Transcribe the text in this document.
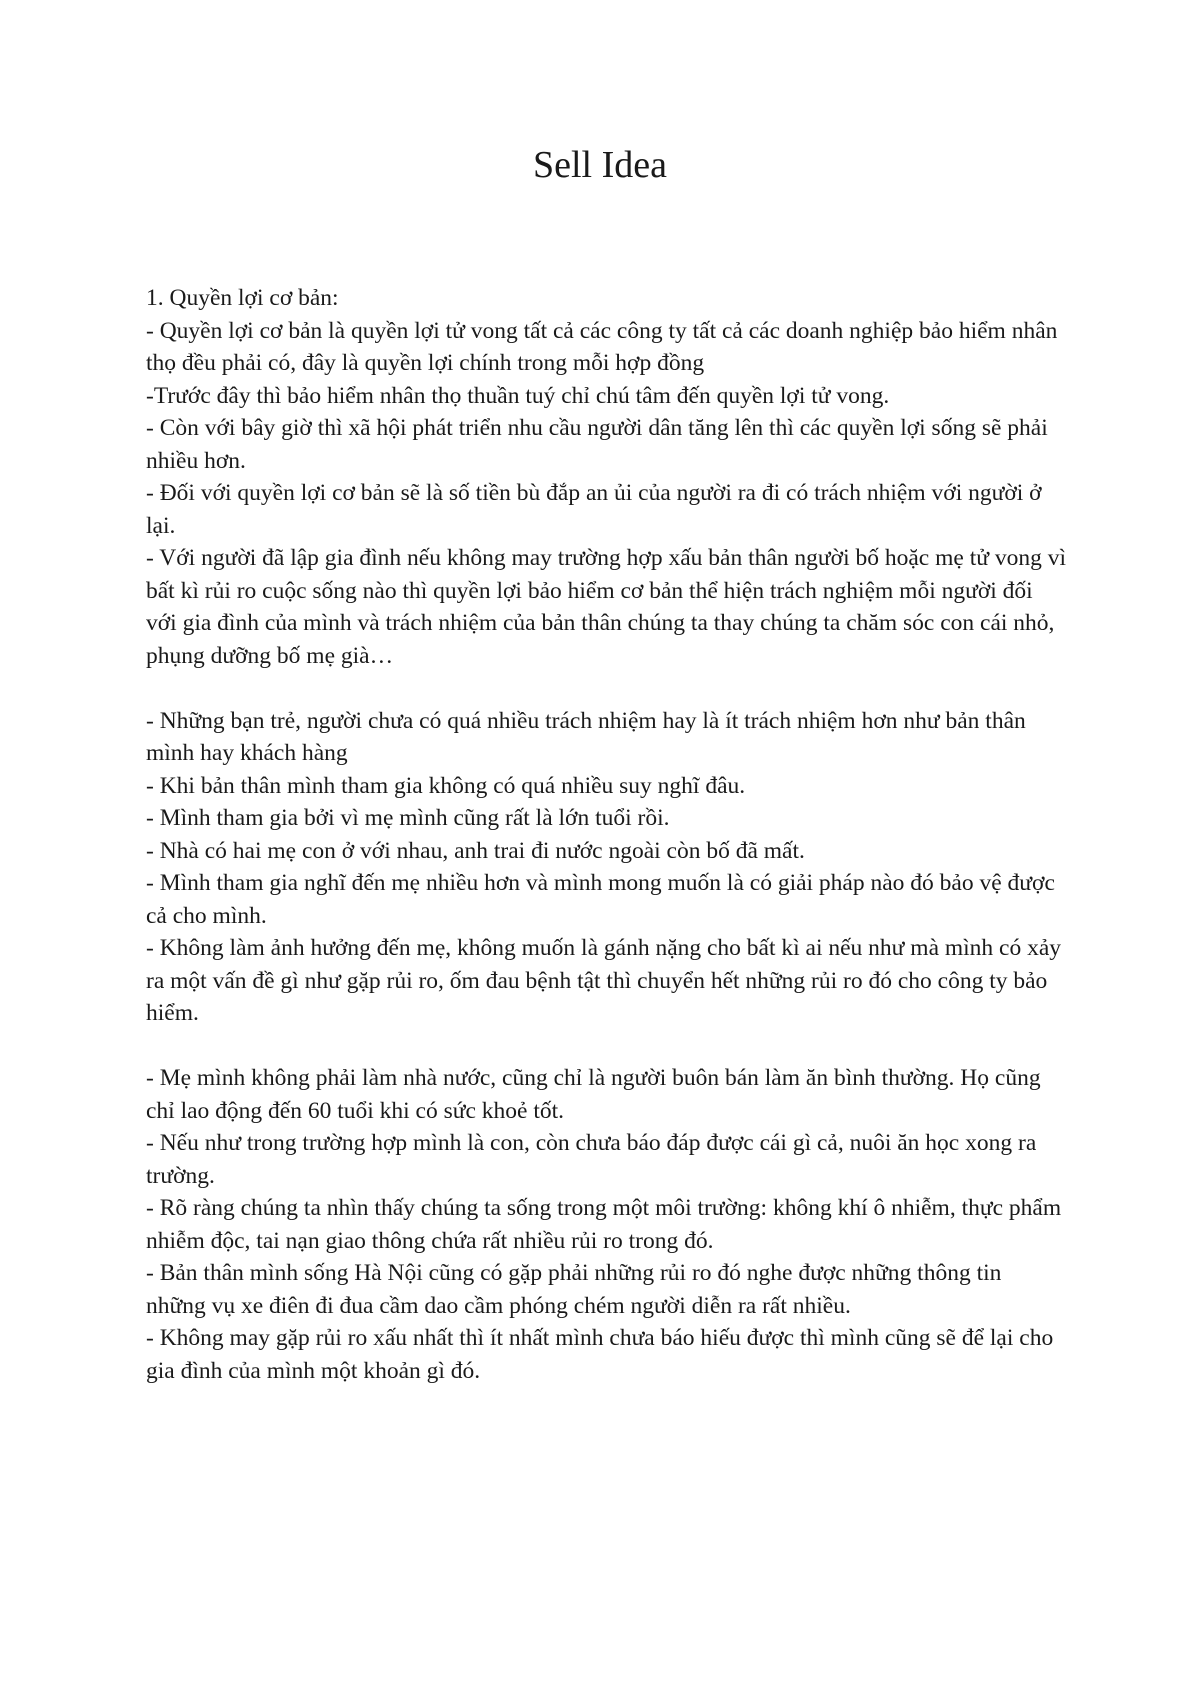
Sell Idea

1. Quyền lợi cơ bản:

- Quyền lợi cơ bản là quyền lợi tử vong tất cả các công ty tất cả các doanh nghiệp bảo hiểm nhân thọ đều phải có, đây là quyền lợi chính trong mỗi hợp đồng

-Trước đây thì bảo hiểm nhân thọ thuần tuý chỉ chú tâm đến quyền lợi tử vong.

- Còn với bây giờ thì xã hội phát triển nhu cầu người dân tăng lên thì các quyền lợi sống sẽ phải nhiều hơn.

- Đối với quyền lợi cơ bản sẽ là số tiền bù đắp an ủi của người ra đi có trách nhiệm với người ở lại.

- Với người đã lập gia đình nếu không may trường hợp xấu bản thân người bố hoặc mẹ tử vong vì bất kì rủi ro cuộc sống nào thì quyền lợi bảo hiểm cơ bản thể hiện trách nghiệm mỗi người đối với gia đình của mình và trách nhiệm của bản thân chúng ta thay chúng ta chăm sóc con cái nhỏ, phụng dưỡng bố mẹ già…

- Những bạn trẻ, người chưa có quá nhiều trách nhiệm hay là ít trách nhiệm hơn như bản thân mình hay khách hàng

- Khi bản thân mình tham gia không có quá nhiều suy nghĩ đâu.

- Mình tham gia bởi vì mẹ mình cũng rất là lớn tuổi rồi.

- Nhà có hai mẹ con ở với nhau, anh trai đi nước ngoài còn bố đã mất.

- Mình tham gia nghĩ đến mẹ nhiều hơn và mình mong muốn là có giải pháp nào đó bảo vệ được cả cho mình.

- Không làm ảnh hưởng đến mẹ, không muốn là gánh nặng cho bất kì ai nếu như mà mình có xảy ra một vấn đề gì như gặp rủi ro, ốm đau bệnh tật thì chuyển hết những rủi ro đó cho công ty bảo hiểm.

- Mẹ mình không phải làm nhà nước, cũng chỉ là người buôn bán làm ăn bình thường. Họ cũng chỉ lao động đến 60 tuổi khi có sức khoẻ tốt.

- Nếu như trong trường hợp mình là con, còn chưa báo đáp được cái gì cả, nuôi ăn học xong ra trường.

- Rõ ràng chúng ta nhìn thấy chúng ta sống trong một môi trường: không khí ô nhiễm, thực phẩm nhiễm độc, tai nạn giao thông chứa rất nhiều rủi ro trong đó.

- Bản thân mình sống Hà Nội cũng có gặp phải những rủi ro đó nghe được những thông tin những vụ xe điên đi đua cầm dao cầm phóng chém người diễn ra rất nhiều.

- Không may gặp rủi ro xấu nhất thì ít nhất mình chưa báo hiếu được thì mình cũng sẽ để lại cho gia đình của mình một khoản gì đó.
